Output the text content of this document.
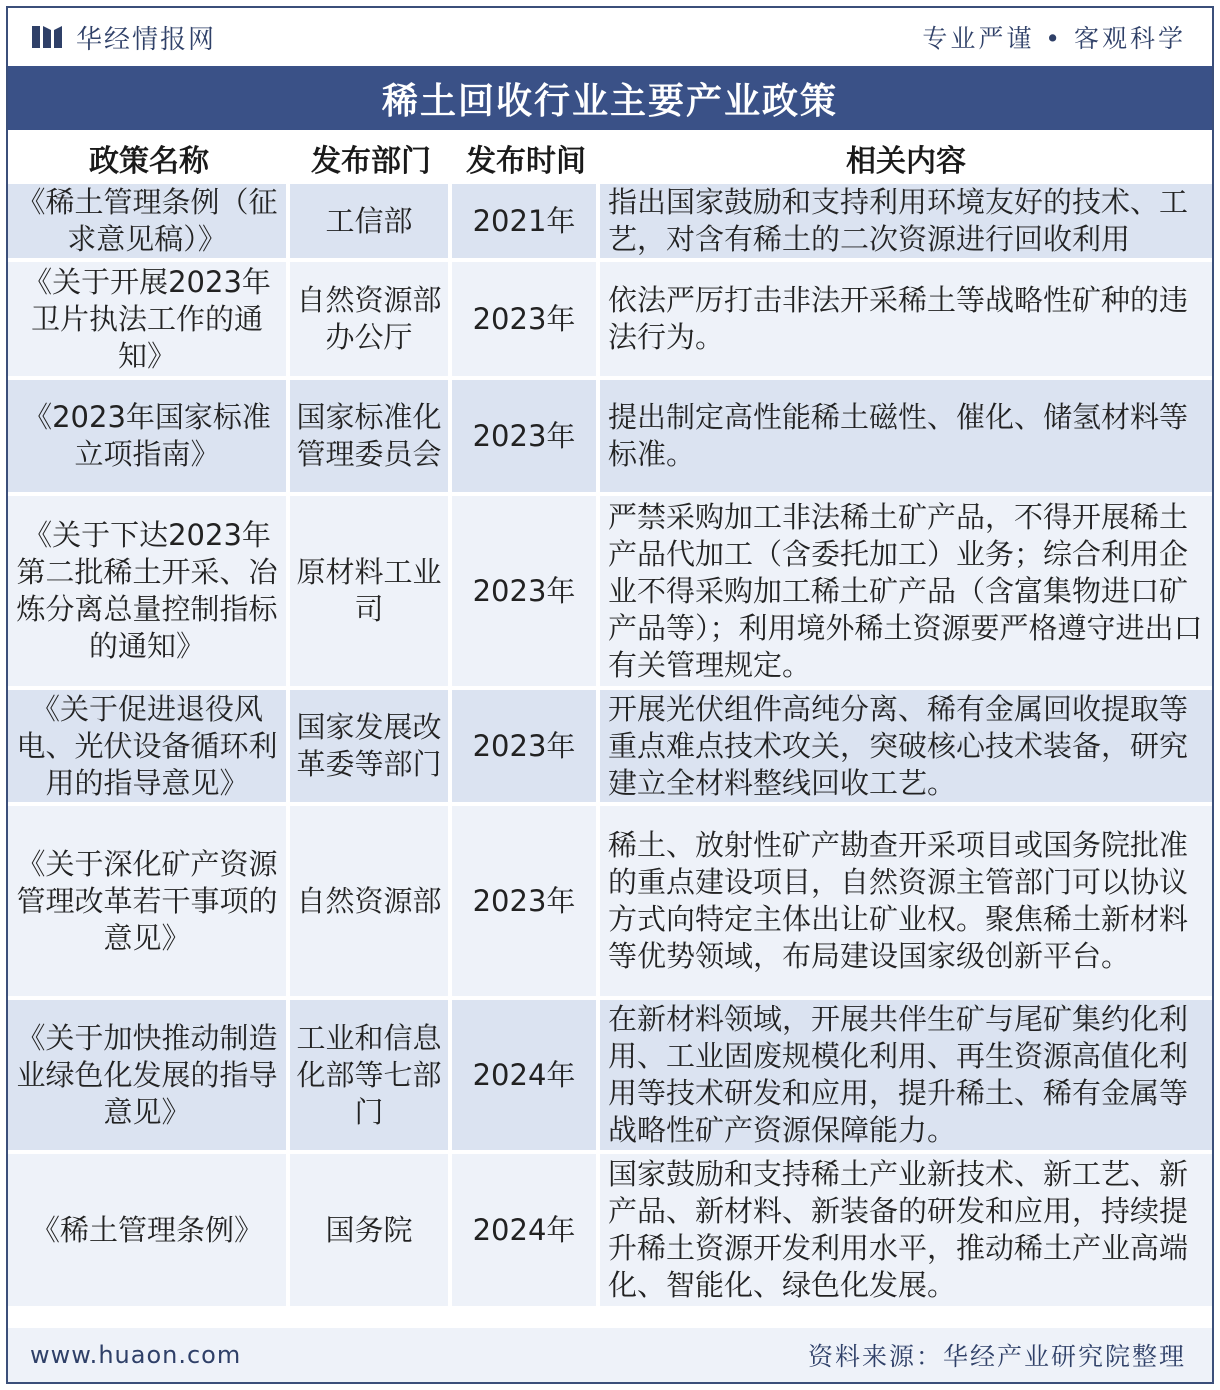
华经情报网	专业严谨 • 客观科学
稀土回收行业主要产业政策
政策名称	发布部门	发布时间	相关内容
《稀土管理条例（征求意见稿）》	工信部	2021年	指出国家鼓励和支持利用环境友好的技术、工艺，对含有稀土的二次资源进行回收利用
《关于开展2023年卫片执法工作的通知》	自然资源部办公厅	2023年	依法严厉打击非法开采稀土等战略性矿种的违法行为。
《2023年国家标准立项指南》	国家标准化管理委员会	2023年	提出制定高性能稀土磁性、催化、储氢材料等标准。
《关于下达2023年第二批稀土开采、冶炼分离总量控制指标的通知》	原材料工业司	2023年	严禁采购加工非法稀土矿产品，不得开展稀土产品代加工（含委托加工）业务；综合利用企业不得采购加工稀土矿产品（含富集物进口矿产品等）；利用境外稀土资源要严格遵守进出口有关管理规定。
《关于促进退役风电、光伏设备循环利用的指导意见》	国家发展改革委等部门	2023年	开展光伏组件高纯分离、稀有金属回收提取等重点难点技术攻关，突破核心技术装备，研究建立全材料整线回收工艺。
《关于深化矿产资源管理改革若干事项的意见》	自然资源部	2023年	稀土、放射性矿产勘查开采项目或国务院批准的重点建设项目，自然资源主管部门可以协议方式向特定主体出让矿业权。聚焦稀土新材料等优势领域，布局建设国家级创新平台。
《关于加快推动制造业绿色化发展的指导意见》	工业和信息化部等七部门	2024年	在新材料领域，开展共伴生矿与尾矿集约化利用、工业固废规模化利用、再生资源高值化利用等技术研发和应用，提升稀土、稀有金属等战略性矿产资源保障能力。
《稀土管理条例》	国务院	2024年	国家鼓励和支持稀土产业新技术、新工艺、新产品、新材料、新装备的研发和应用，持续提升稀土资源开发利用水平，推动稀土产业高端化、智能化、绿色化发展。
www.huaon.com	资料来源：华经产业研究院整理
